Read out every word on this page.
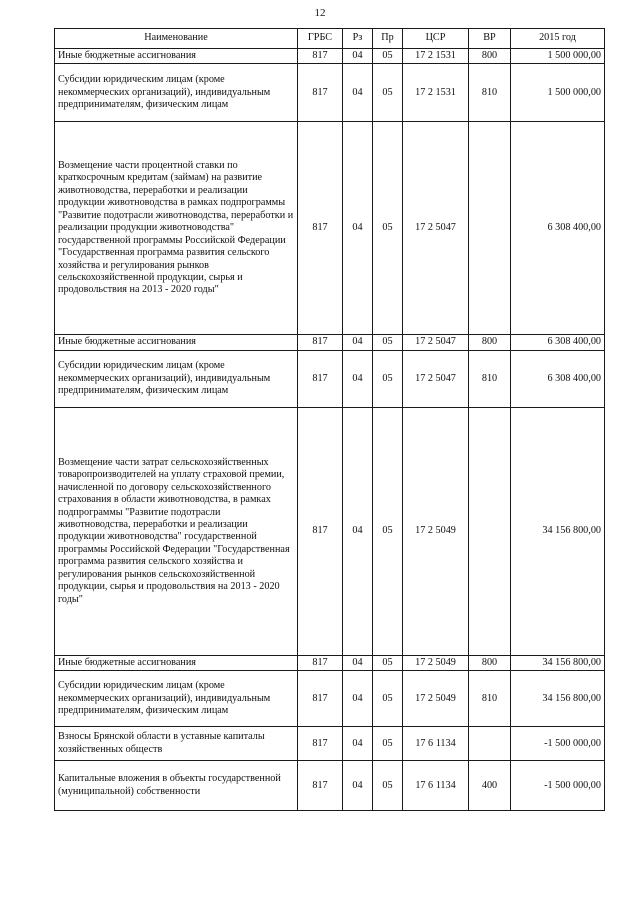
12
Наименование	ГРБС	Рз	Пр	ЦСР	ВР	2015 год
Иные бюджетные ассигнования	817	04	05	17 2 1531	800	1 500 000,00
Субсидии юридическим лицам (кроме некоммерческих организаций), индивидуальным предпринимателям, физическим лицам	817	04	05	17 2 1531	810	1 500 000,00
Возмещение части процентной ставки по краткосрочным кредитам (займам) на развитие животноводства, переработки и реализации продукции животноводства в рамках подпрограммы "Развитие подотрасли животноводства, переработки и реализации продукции животноводства" государственной программы Российской Федерации "Государственная программа развития сельского хозяйства и регулирования рынков сельскохозяйственной продукции, сырья и продовольствия на 2013 - 2020 годы"	817	04	05	17 2 5047		6 308 400,00
Иные бюджетные ассигнования	817	04	05	17 2 5047	800	6 308 400,00
Субсидии юридическим лицам (кроме некоммерческих организаций), индивидуальным предпринимателям, физическим лицам	817	04	05	17 2 5047	810	6 308 400,00
Возмещение части затрат сельскохозяйственных товаропроизводителей на уплату страховой премии, начисленной по договору сельскохозяйственного страхования в области животноводства, в рамках подпрограммы "Развитие подотрасли животноводства, переработки и реализации продукции животноводства" государственной программы Российской Федерации "Государственная программа развития сельского хозяйства и регулирования рынков сельскохозяйственной продукции, сырья и продовольствия на 2013 - 2020 годы"	817	04	05	17 2 5049		34 156 800,00
Иные бюджетные ассигнования	817	04	05	17 2 5049	800	34 156 800,00
Субсидии юридическим лицам (кроме некоммерческих организаций), индивидуальным предпринимателям, физическим лицам	817	04	05	17 2 5049	810	34 156 800,00
Взносы Брянской области в уставные капиталы хозяйственных обществ	817	04	05	17 6 1134		-1 500 000,00
Капитальные вложения в объекты государственной (муниципальной) собственности	817	04	05	17 6 1134	400	-1 500 000,00
